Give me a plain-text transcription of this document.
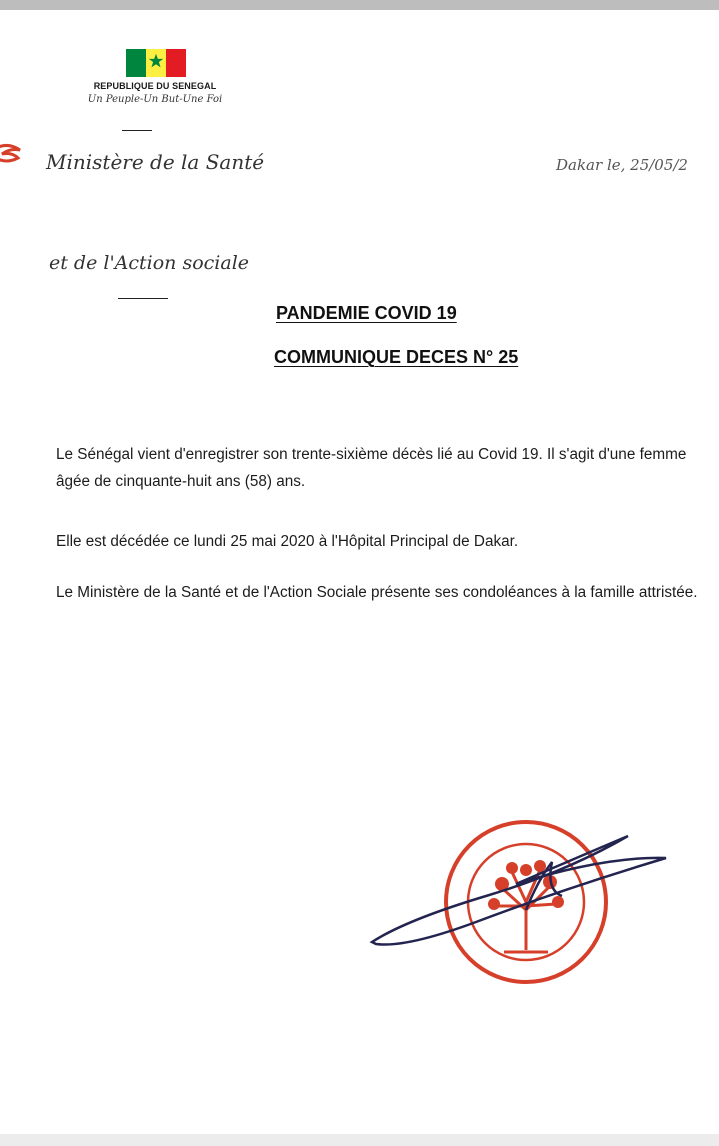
REPUBLIQUE DU SENEGAL
Un Peuple-Un But-Une Foi
Ministère de la Santé	Dakar le, 25/05/2
et de l'Action sociale
PANDEMIE COVID 19
COMMUNIQUE DECES N° 25
Le Sénégal vient d'enregistrer son trente-sixième décès lié au Covid 19. Il s'agit d'une femme âgée de cinquante-huit ans (58) ans.
Elle est décédée ce lundi 25 mai 2020 à l'Hôpital Principal de Dakar.
Le Ministère de la Santé et de l'Action Sociale présente ses condoléances à la famille attristée.
